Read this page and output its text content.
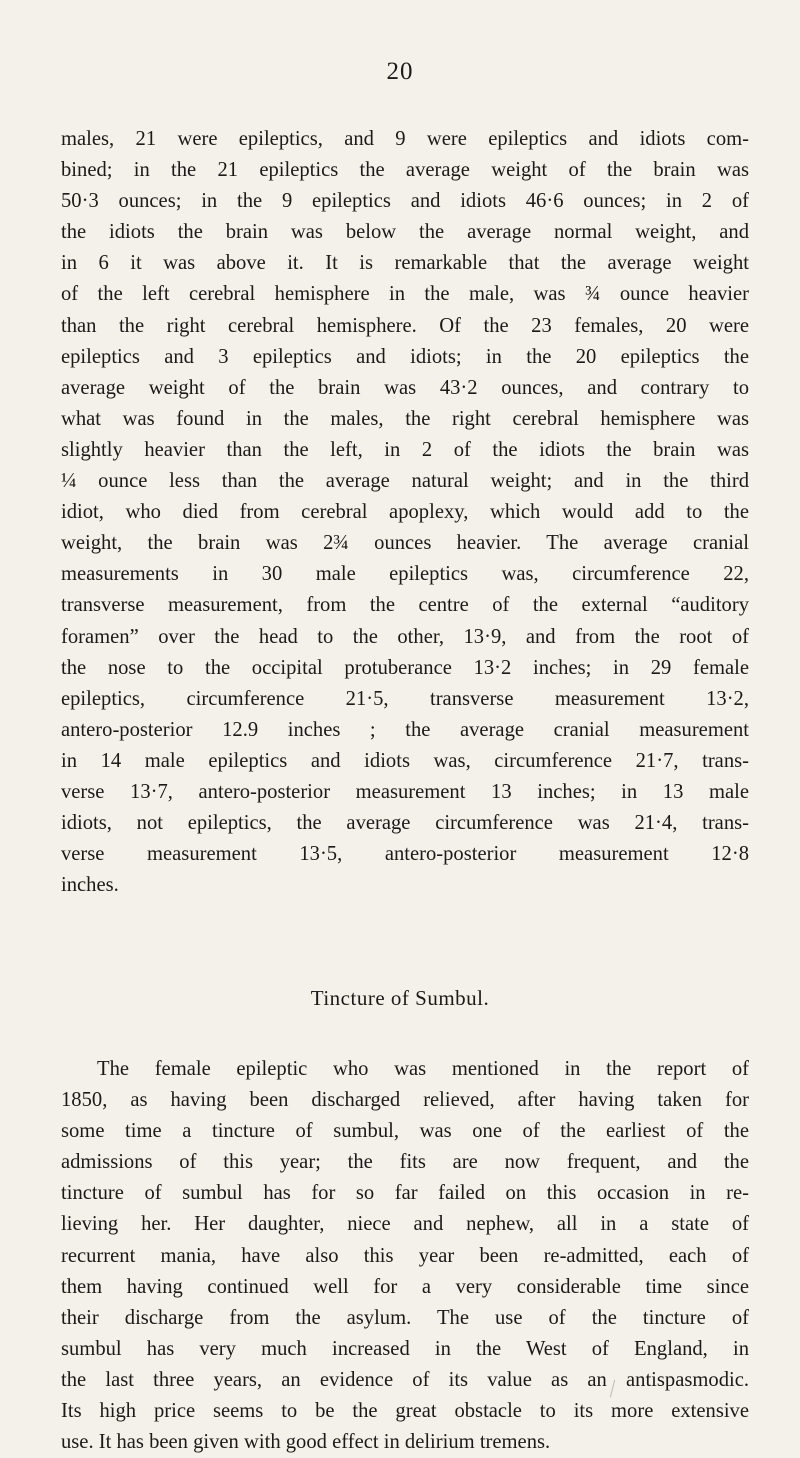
20
males, 21 were epileptics, and 9 were epileptics and idiots com-
bined; in the 21 epileptics the average weight of the brain was
50·3 ounces; in the 9 epileptics and idiots 46·6 ounces; in 2 of
the idiots the brain was below the average normal weight, and
in 6 it was above it. It is remarkable that the average weight
of the left cerebral hemisphere in the male, was ¾ ounce heavier
than the right cerebral hemisphere. Of the 23 females, 20 were
epileptics and 3 epileptics and idiots; in the 20 epileptics the
average weight of the brain was 43·2 ounces, and contrary to
what was found in the males, the right cerebral hemisphere was
slightly heavier than the left, in 2 of the idiots the brain was
¼ ounce less than the average natural weight; and in the third
idiot, who died from cerebral apoplexy, which would add to the
weight, the brain was 2¾ ounces heavier. The average cranial
measurements in 30 male epileptics was, circumference 22,
transverse measurement, from the centre of the external “auditory
foramen” over the head to the other, 13·9, and from the root of
the nose to the occipital protuberance 13·2 inches; in 29 female
epileptics, circumference 21·5, transverse measurement 13·2,
antero-posterior 12.9 inches ; the average cranial measurement
in 14 male epileptics and idiots was, circumference 21·7, trans-
verse 13·7, antero-posterior measurement 13 inches; in 13 male
idiots, not epileptics, the average circumference was 21·4, trans-
verse measurement 13·5, antero-posterior measurement 12·8
inches.
Tincture of Sumbul.
The female epileptic who was mentioned in the report of
1850, as having been discharged relieved, after having taken for
some time a tincture of sumbul, was one of the earliest of the
admissions of this year; the fits are now frequent, and the
tincture of sumbul has for so far failed on this occasion in re-
lieving her. Her daughter, niece and nephew, all in a state of
recurrent mania, have also this year been re-admitted, each of
them having continued well for a very considerable time since
their discharge from the asylum. The use of the tincture of
sumbul has very much increased in the West of England, in
the last three years, an evidence of its value as an antispasmodic.
Its high price seems to be the great obstacle to its more extensive
use. It has been given with good effect in delirium tremens.
